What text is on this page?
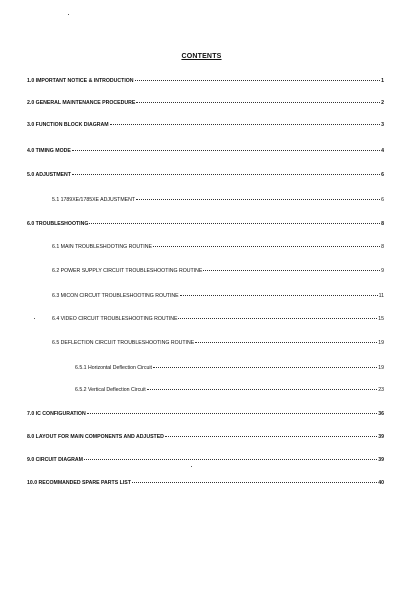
CONTENTS
1.0 IMPORTANT NOTICE & INTRODUCTION	1
2.0 GENERAL MAINTENANCE PROCEDURE	2
3.0 FUNCTION BLOCK DIAGRAM	3
4.0 TIMING MODE	4
5.0 ADJUSTMENT	6
5.1 1789XE/1785XE ADJUSTMENT	6
6.0 TROUBLESHOOTING	8
6.1 MAIN TROUBLESHOOTING ROUTINE	8
6.2 POWER SUPPLY CIRCUIT TROUBLESHOOTING ROUTINE	9
6.3 MICON CIRCUIT TROUBLESHOOTING ROUTINE	11
6.4 VIDEO CIRCUIT TROUBLESHOOTING ROUTINE	15
6.5 DEFLECTION CIRCUIT TROUBLESHOOTING ROUTINE	19
6.5.1 Horizontal Deflection Circuit	19
6.5.2 Vertical Deflection Circuit	23
7.0 IC CONFIGURATION	36
8.0 LAYOUT FOR MAIN COMPONENTS AND ADJUSTED	39
9.0 CIRCUIT DIAGRAM	39
10.0 RECOMMANDED SPARE PARTS LIST	40
